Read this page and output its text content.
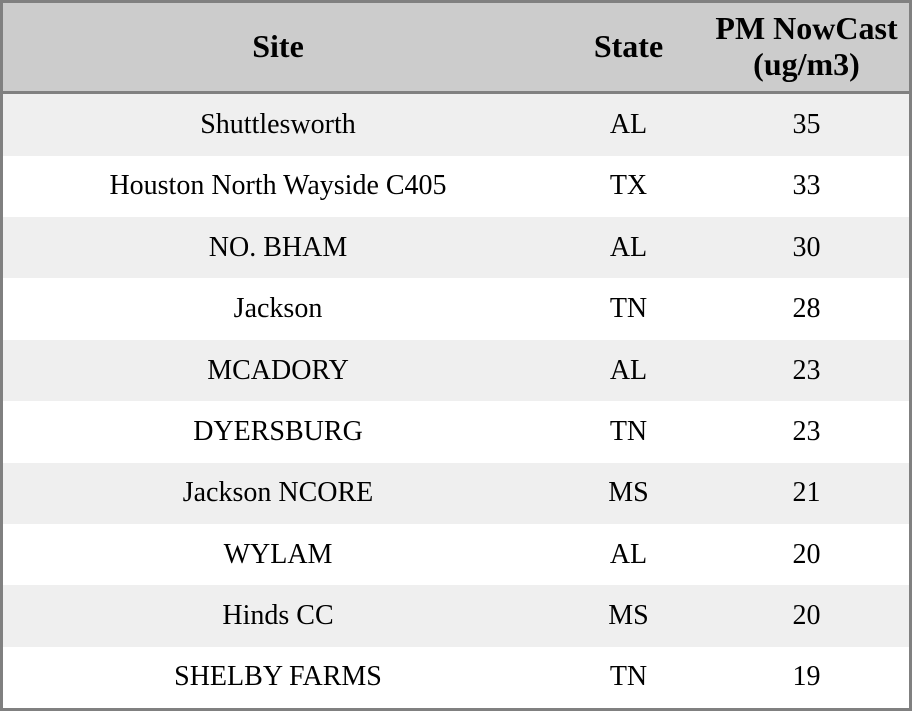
Site	State	PM NowCast (ug/m3)
Shuttlesworth	AL	35
Houston North Wayside C405	TX	33
NO. BHAM	AL	30
Jackson	TN	28
MCADORY	AL	23
DYERSBURG	TN	23
Jackson NCORE	MS	21
WYLAM	AL	20
Hinds CC	MS	20
SHELBY FARMS	TN	19
